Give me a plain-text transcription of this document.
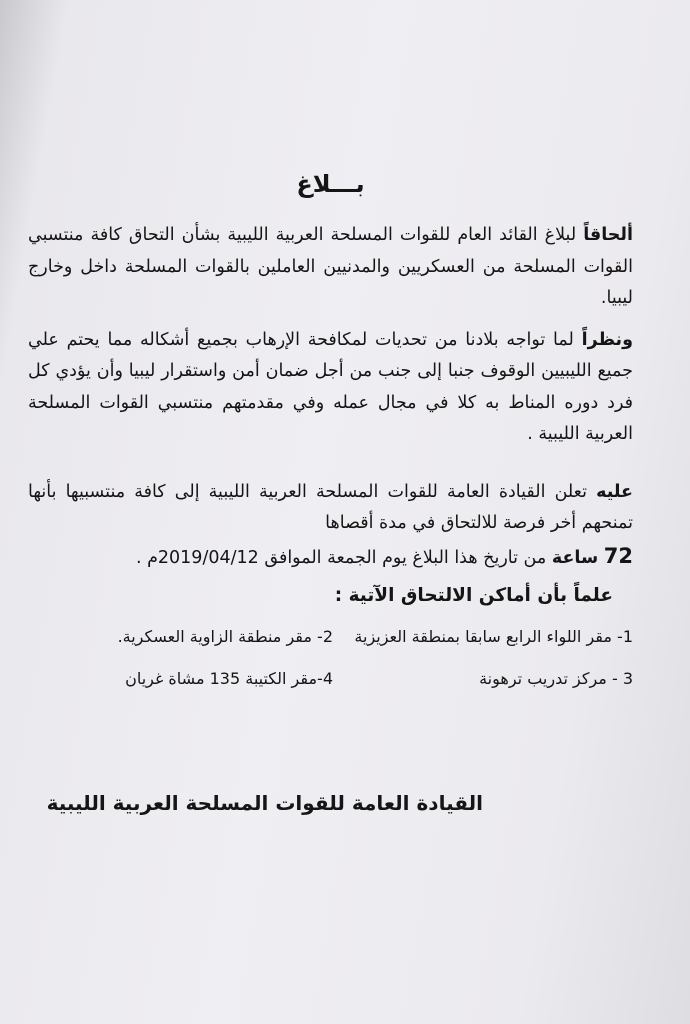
بـــلاغ

ألحاقاً لبلاغ القائد العام للقوات المسلحة العربية الليبية بشأن التحاق كافة منتسبي القوات المسلحة من العسكريين والمدنيين العاملين بالقوات المسلحة داخل وخارج ليبيا.

ونظراً لما تواجه بلادنا من تحديات لمكافحة الإرهاب بجميع أشكاله مما يحتم علي جميع الليبيين الوقوف جنبا إلى جنب من أجل ضمان أمن واستقرار ليبيا وأن يؤدي كل فرد دوره المناط به كلا في مجال عمله وفي مقدمتهم منتسبي القوات المسلحة العربية الليبية .

عليه تعلن القيادة العامة للقوات المسلحة العربية الليبية إلى كافة منتسبيها بأنها تمنحهم أخر فرصة للالتحاق في مدة أقصاها

72 ساعة من تاريخ هذا البلاغ يوم الجمعة الموافق 2019/04/12م .

علماً بأن أماكن الالتحاق الآتية :

1- مقر اللواء الرابع سابقا بمنطقة العزيزية
2- مقر منطقة الزاوية العسكرية.
3 - مركز تدريب ترهونة
4-مقر الكتيبة 135 مشاة غريان

القيادة العامة للقوات المسلحة العربية الليبية
